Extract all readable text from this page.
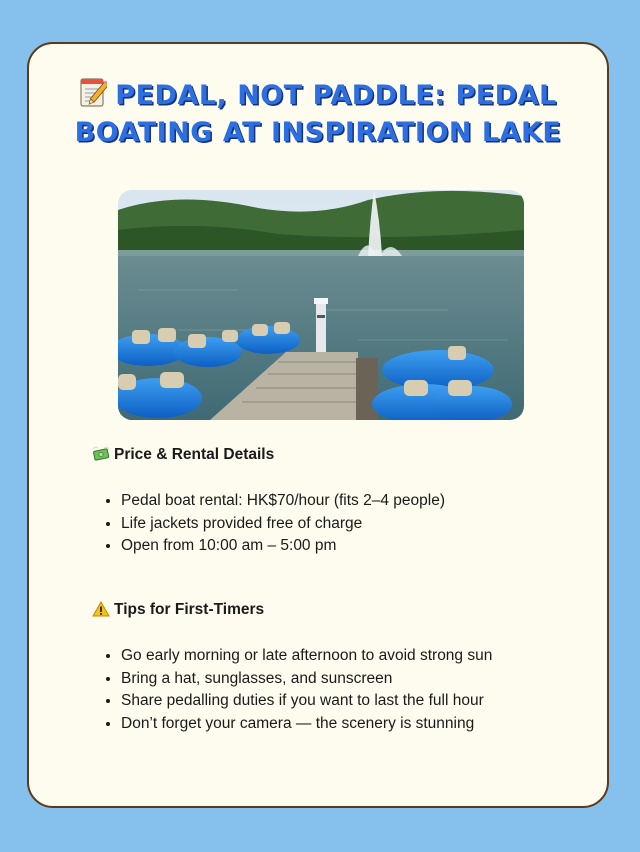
PEDAL, NOT PADDLE: PEDAL
BOATING AT INSPIRATION LAKE
Price & Rental Details
• Pedal boat rental: HK$70/hour (fits 2–4 people)
• Life jackets provided free of charge
• Open from 10:00 am – 5:00 pm
Tips for First-Timers
• Go early morning or late afternoon to avoid strong sun
• Bring a hat, sunglasses, and sunscreen
• Share pedalling duties if you want to last the full hour
• Don’t forget your camera — the scenery is stunning
